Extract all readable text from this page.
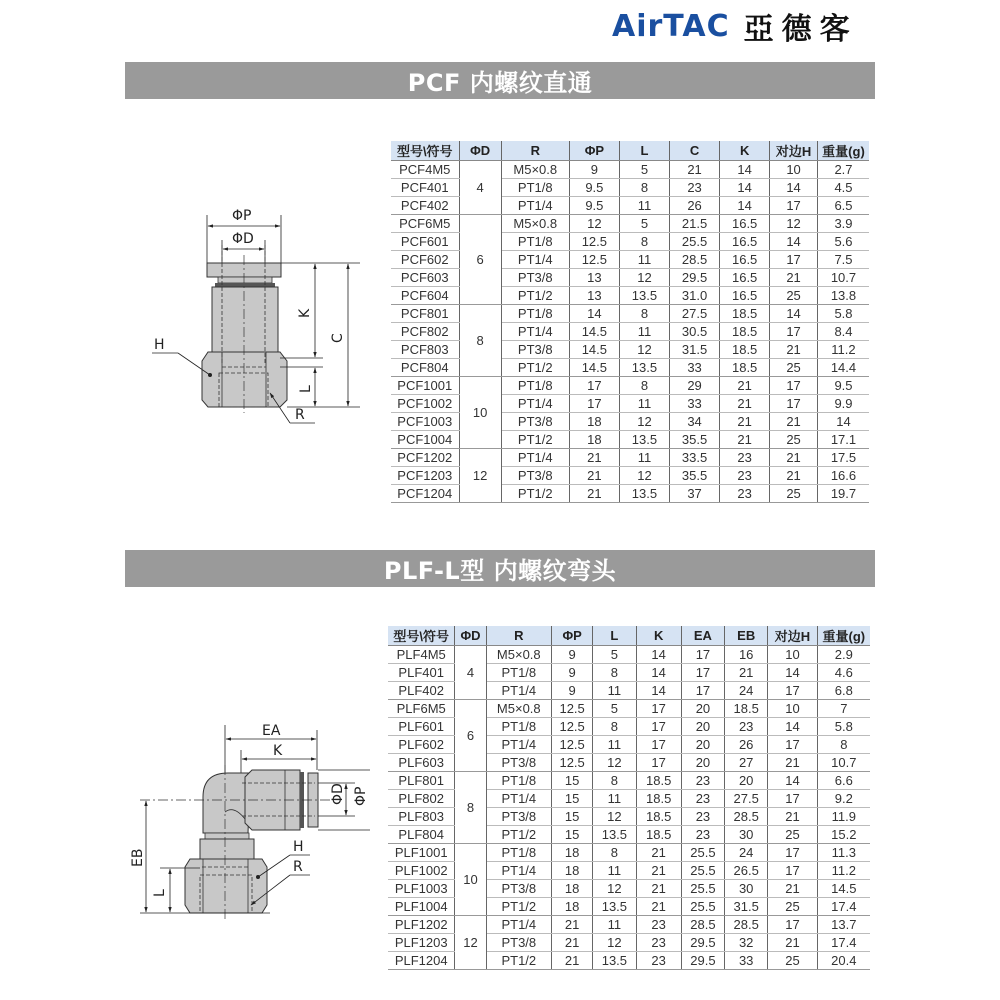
AirTAC 亞德客
PCF 内螺纹直通
ΦP
ΦD
K
C
L
H
R
型号\符号	ΦD	R	ΦP	L	C	K	对边H	重量(g)
PCF4M5	4	M5×0.8	9	5	21	14	10	2.7
PCF401		PT1/8	9.5	8	23	14	14	4.5
PCF402		PT1/4	9.5	11	26	14	17	6.5
PCF6M5	6	M5×0.8	12	5	21.5	16.5	12	3.9
PCF601		PT1/8	12.5	8	25.5	16.5	14	5.6
PCF602		PT1/4	12.5	11	28.5	16.5	17	7.5
PCF603		PT3/8	13	12	29.5	16.5	21	10.7
PCF604		PT1/2	13	13.5	31.0	16.5	25	13.8
PCF801	8	PT1/8	14	8	27.5	18.5	14	5.8
PCF802		PT1/4	14.5	11	30.5	18.5	17	8.4
PCF803		PT3/8	14.5	12	31.5	18.5	21	11.2
PCF804		PT1/2	14.5	13.5	33	18.5	25	14.4
PCF1001	10	PT1/8	17	8	29	21	17	9.5
PCF1002		PT1/4	17	11	33	21	17	9.9
PCF1003		PT3/8	18	12	34	21	21	14
PCF1004		PT1/2	18	13.5	35.5	21	25	17.1
PCF1202	12	PT1/4	21	11	33.5	23	21	17.5
PCF1203		PT3/8	21	12	35.5	23	21	16.6
PCF1204		PT1/2	21	13.5	37	23	25	19.7
PLF-L型 内螺纹弯头
EA
K
ΦD ΦP
EB
L
H
R
型号\符号	ΦD	R	ΦP	L	K	EA	EB	对边H	重量(g)
PLF4M5	4	M5×0.8	9	5	14	17	16	10	2.9
PLF401		PT1/8	9	8	14	17	21	14	4.6
PLF402		PT1/4	9	11	14	17	24	17	6.8
PLF6M5	6	M5×0.8	12.5	5	17	20	18.5	10	7
PLF601		PT1/8	12.5	8	17	20	23	14	5.8
PLF602		PT1/4	12.5	11	17	20	26	17	8
PLF603		PT3/8	12.5	12	17	20	27	21	10.7
PLF801	8	PT1/8	15	8	18.5	23	20	14	6.6
PLF802		PT1/4	15	11	18.5	23	27.5	17	9.2
PLF803		PT3/8	15	12	18.5	23	28.5	21	11.9
PLF804		PT1/2	15	13.5	18.5	23	30	25	15.2
PLF1001	10	PT1/8	18	8	21	25.5	24	17	11.3
PLF1002		PT1/4	18	11	21	25.5	26.5	17	11.2
PLF1003		PT3/8	18	12	21	25.5	30	21	14.5
PLF1004		PT1/2	18	13.5	21	25.5	31.5	25	17.4
PLF1202	12	PT1/4	21	11	23	28.5	28.5	17	13.7
PLF1203		PT3/8	21	12	23	29.5	32	21	17.4
PLF1204		PT1/2	21	13.5	23	29.5	33	25	20.4
